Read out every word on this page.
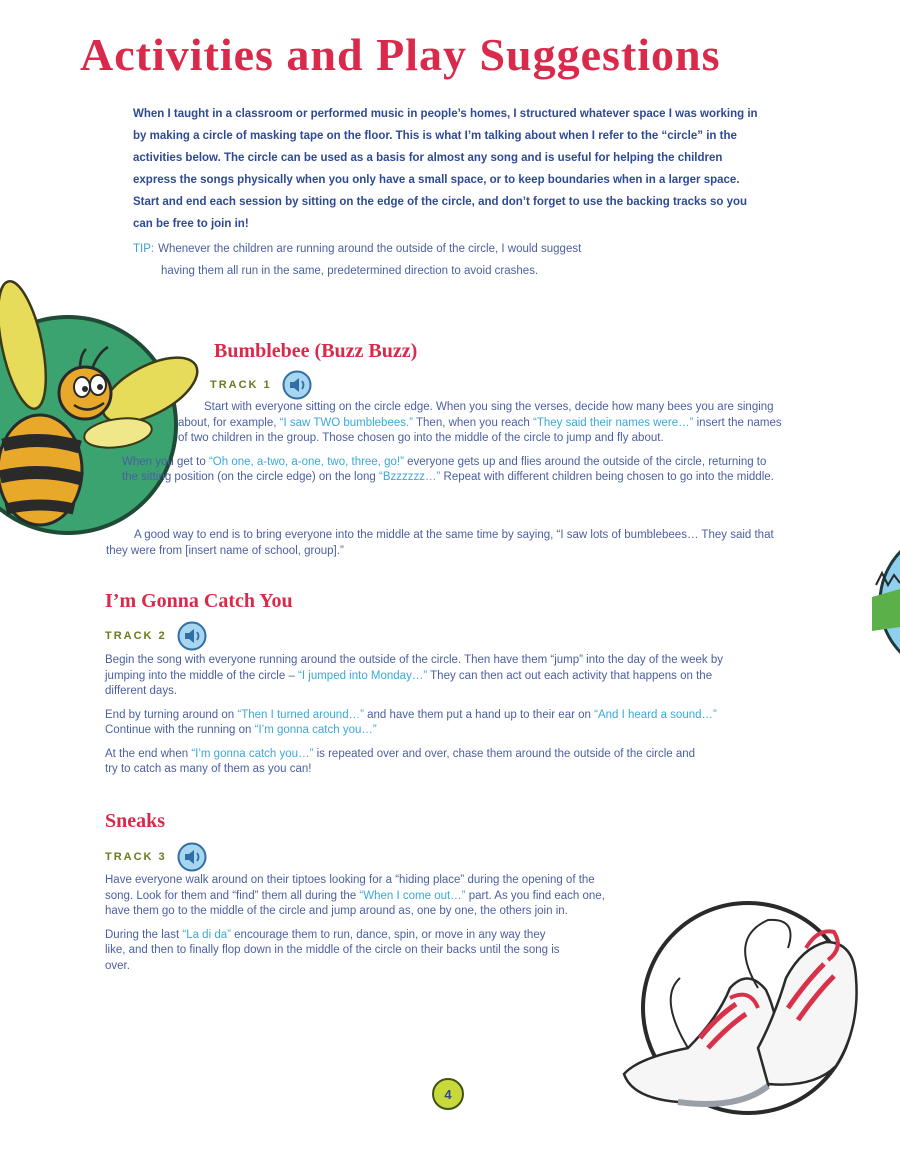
Activities and Play Suggestions

When I taught in a classroom or performed music in people’s homes, I structured whatever space I was working in by making a circle of masking tape on the floor. This is what I’m talking about when I refer to the “circle” in the activities below. The circle can be used as a basis for almost any song and is useful for helping the children express the songs physically when you only have a small space, or to keep boundaries when in a larger space. Start and end each session by sitting on the edge of the circle, and don’t forget to use the backing tracks so you can be free to join in!

TIP: Whenever the children are running around the outside of the circle, I would suggest
having them all run in the same, predetermined direction to avoid crashes.

Bumblebee (Buzz Buzz)
TRACK 1

Start with everyone sitting on the circle edge. When you sing the verses, decide how many bees you are singing about, for example, “I saw TWO bumblebees.” Then, when you reach “They said their names were…” insert the names of two children in the group. Those chosen go into the middle of the circle to jump and fly about.

When you get to “Oh one, a-two, a-one, two, three, go!” everyone gets up and flies around the outside of the circle, returning to the sitting position (on the circle edge) on the long “Bzzzzzz…” Repeat with different children being chosen to go into the middle.

A good way to end is to bring everyone into the middle at the same time by saying, “I saw lots of bumblebees… They said that they were from [insert name of school, group].”

I’m Gonna Catch You
TRACK 2

Begin the song with everyone running around the outside of the circle. Then have them “jump” into the day of the week by jumping into the middle of the circle – “I jumped into Monday…” They can then act out each activity that happens on the different days.

End by turning around on “Then I turned around…” and have them put a hand up to their ear on “And I heard a sound…” Continue with the running on “I’m gonna catch you…”

At the end when “I’m gonna catch you…” is repeated over and over, chase them around the outside of the circle and try to catch as many of them as you can!

Sneaks
TRACK 3

Have everyone walk around on their tiptoes looking for a “hiding place” during the opening of the song. Look for them and “find” them all during the “When I come out…” part. As you find each one, have them go to the middle of the circle and jump around as, one by one, the others join in.

During the last “La di da” encourage them to run, dance, spin, or move in any way they like, and then to finally flop down in the middle of the circle on their backs until the song is over.

4
